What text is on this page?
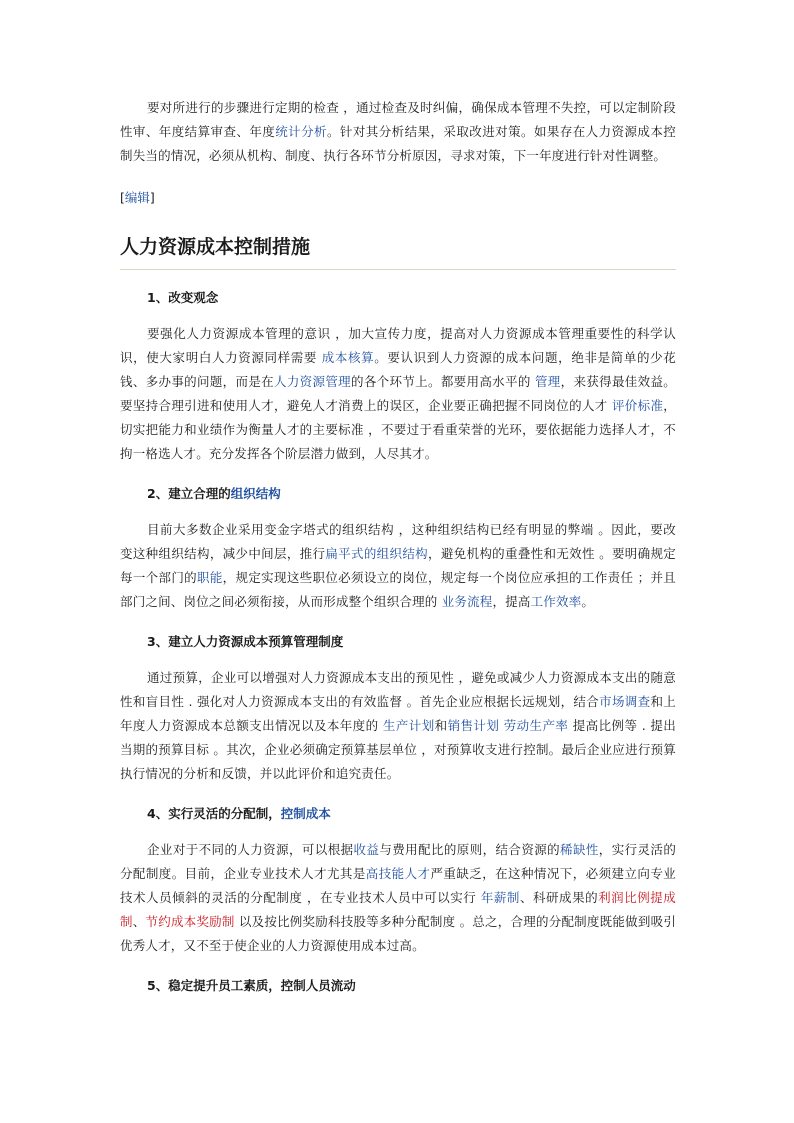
要对所进行的步骤进行定期的检查 ，通过检查及时纠偏，确保成本管理不失控，可以定制阶段性审、年度结算审查、年度统计分析。针对其分析结果，采取改进对策。如果存在人力资源成本控制失当的情况，必须从机构、制度、执行各环节分析原因，寻求对策，下一年度进行针对性调整。

[编辑]

人力资源成本控制措施

1、改变观念

要强化人力资源成本管理的意识 ，加大宣传力度，提高对人力资源成本管理重要性的科学认识，使大家明白人力资源同样需要 成本核算。要认识到人力资源的成本问题，绝非是简单的少花钱、多办事的问题，而是在人力资源管理的各个环节上。都要用高水平的 管理，来获得最佳效益。要坚持合理引进和使用人才，避免人才消费上的误区，企业要正确把握不同岗位的人才 评价标准，切实把能力和业绩作为衡量人才的主要标准 ，不要过于看重荣誉的光环，要依据能力选择人才，不拘一格选人才。充分发挥各个阶层潜力做到，人尽其才。

2、建立合理的组织结构

目前大多数企业采用变金字塔式的组织结构 ，这种组织结构已经有明显的弊端 。因此，要改变这种组织结构，减少中间层，推行扁平式的组织结构，避免机构的重叠性和无效性 。要明确规定每一个部门的职能，规定实现这些职位必须设立的岗位，规定每一个岗位应承担的工作责任 ；并且部门之间、岗位之间必须衔接，从而形成整个组织合理的 业务流程，提高工作效率。

3、建立人力资源成本预算管理制度

通过预算，企业可以增强对人力资源成本支出的预见性 ，避免或减少人力资源成本支出的随意性和盲目性 . 强化对人力资源成本支出的有效监督 。首先企业应根据长远规划，结合市场调查和上年度人力资源成本总额支出情况以及本年度的 生产计划和销售计划 劳动生产率 提高比例等 . 提出当期的预算目标 。其次，企业必须确定预算基层单位 ，对预算收支进行控制。最后企业应进行预算执行情况的分析和反馈，并以此评价和追究责任。

4、实行灵活的分配制，控制成本

企业对于不同的人力资源，可以根据收益与费用配比的原则，结合资源的稀缺性，实行灵活的分配制度。目前，企业专业技术人才尤其是高技能人才严重缺乏，在这种情况下，必须建立向专业技术人员倾斜的灵活的分配制度 ，在专业技术人员中可以实行 年薪制、科研成果的利润比例提成制、节约成本奖励制 以及按比例奖励科技股等多种分配制度 。总之，合理的分配制度既能做到吸引优秀人才，又不至于使企业的人力资源使用成本过高。

5、稳定提升员工素质，控制人员流动
